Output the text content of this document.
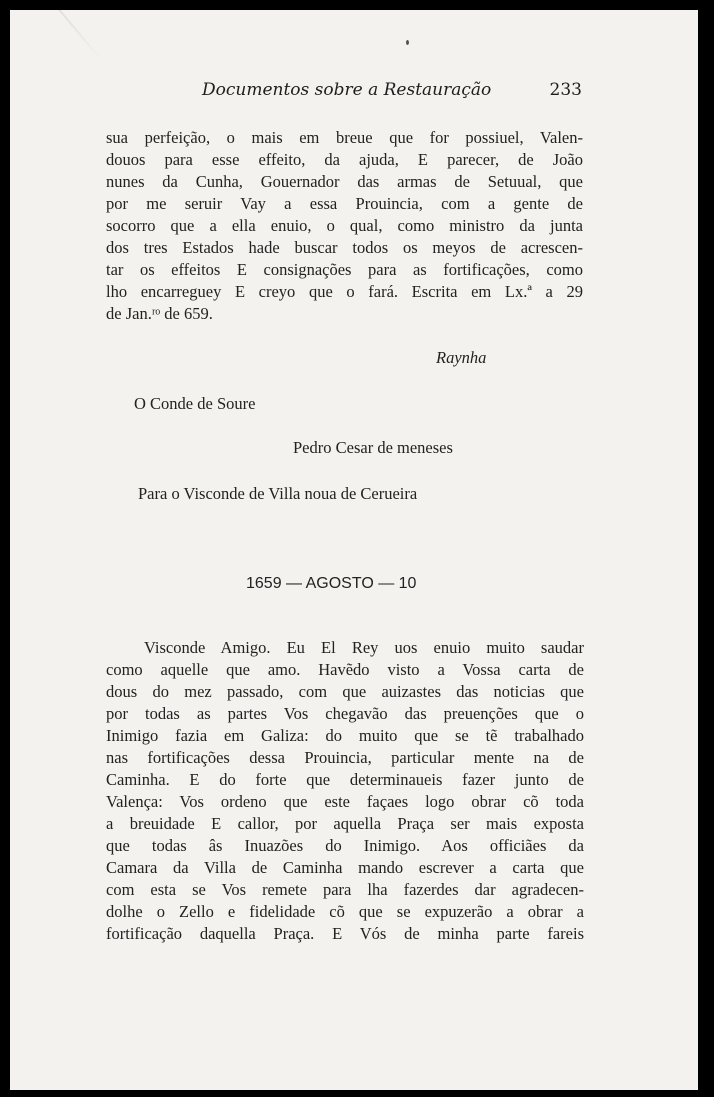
Documentos sobre a Restauração	233
sua perfeição, o mais em breue que for possiuel, Valen-
douos para esse effeito, da ajuda, E parecer, de João
nunes da Cunha, Gouernador das armas de Setuual, que
por me seruir Vay a essa Prouincia, com a gente de
socorro que a ella enuio, o qual, como ministro da junta
dos tres Estados hade buscar todos os meyos de acrescen-
tar os effeitos E consignações para as fortificações, como
lho encarreguey E creyo que o fará. Escrita em Lx.ª a 29
de Jan.ʳᵒ de 659.
Raynha
O Conde de Soure
Pedro Cesar de meneses
Para o Visconde de Villa noua de Cerueira
1659 — AGOSTO — 10
Visconde Amigo. Eu El Rey uos enuio muito saudar
como aquelle que amo. Havẽdo visto a Vossa carta de
dous do mez passado, com que auizastes das noticias que
por todas as partes Vos chegavão das preuenções que o
Inimigo fazia em Galiza: do muito que se tẽ trabalhado
nas fortificações dessa Prouincia, particular mente na de
Caminha. E do forte que determinaueis fazer junto de
Valença: Vos ordeno que este façaes logo obrar cõ toda
a breuidade E callor, por aquella Praça ser mais exposta
que todas âs Inuazões do Inimigo. Aos officiães da
Camara da Villa de Caminha mando escrever a carta que
com esta se Vos remete para lha fazerdes dar agradecen-
dolhe o Zello e fidelidade cõ que se expuzerão a obrar a
fortificação daquella Praça. E Vós de minha parte fareis
